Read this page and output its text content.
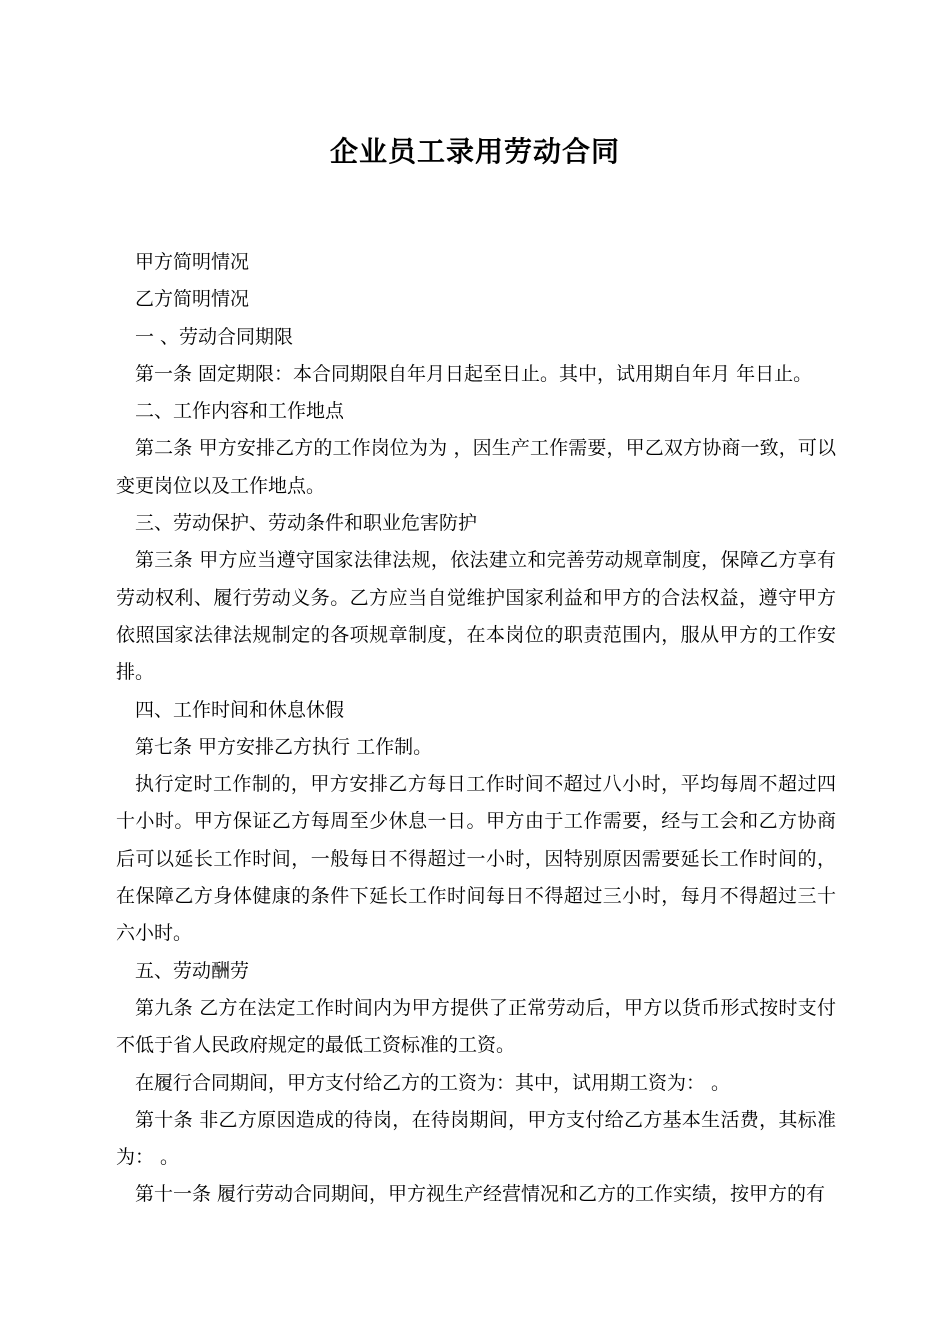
企业员工录用劳动合同

甲方简明情况

乙方简明情况

一 、劳动合同期限

第一条 固定期限：本合同期限自年月日起至日止。其中，试用期自年月 年日止。

二、工作内容和工作地点

第二条 甲方安排乙方的工作岗位为为 ，因生产工作需要，甲乙双方协商一致，可以变更岗位以及工作地点。

三、劳动保护、劳动条件和职业危害防护

第三条 甲方应当遵守国家法律法规，依法建立和完善劳动规章制度，保障乙方享有劳动权利、履行劳动义务。乙方应当自觉维护国家利益和甲方的合法权益，遵守甲方依照国家法律法规制定的各项规章制度，在本岗位的职责范围内，服从甲方的工作安排。

四、工作时间和休息休假

第七条 甲方安排乙方执行 工作制。

执行定时工作制的，甲方安排乙方每日工作时间不超过八小时，平均每周不超过四十小时。甲方保证乙方每周至少休息一日。甲方由于工作需要，经与工会和乙方协商后可以延长工作时间，一般每日不得超过一小时，因特别原因需要延长工作时间的，在保障乙方身体健康的条件下延长工作时间每日不得超过三小时，每月不得超过三十六小时。

五、劳动酬劳

第九条 乙方在法定工作时间内为甲方提供了正常劳动后，甲方以货币形式按时支付不低于省人民政府规定的最低工资标准的工资。

在履行合同期间，甲方支付给乙方的工资为：其中，试用期工资为： 。

第十条 非乙方原因造成的待岗，在待岗期间，甲方支付给乙方基本生活费，其标准为： 。

第十一条 履行劳动合同期间，甲方视生产经营情况和乙方的工作实绩，按甲方的有
